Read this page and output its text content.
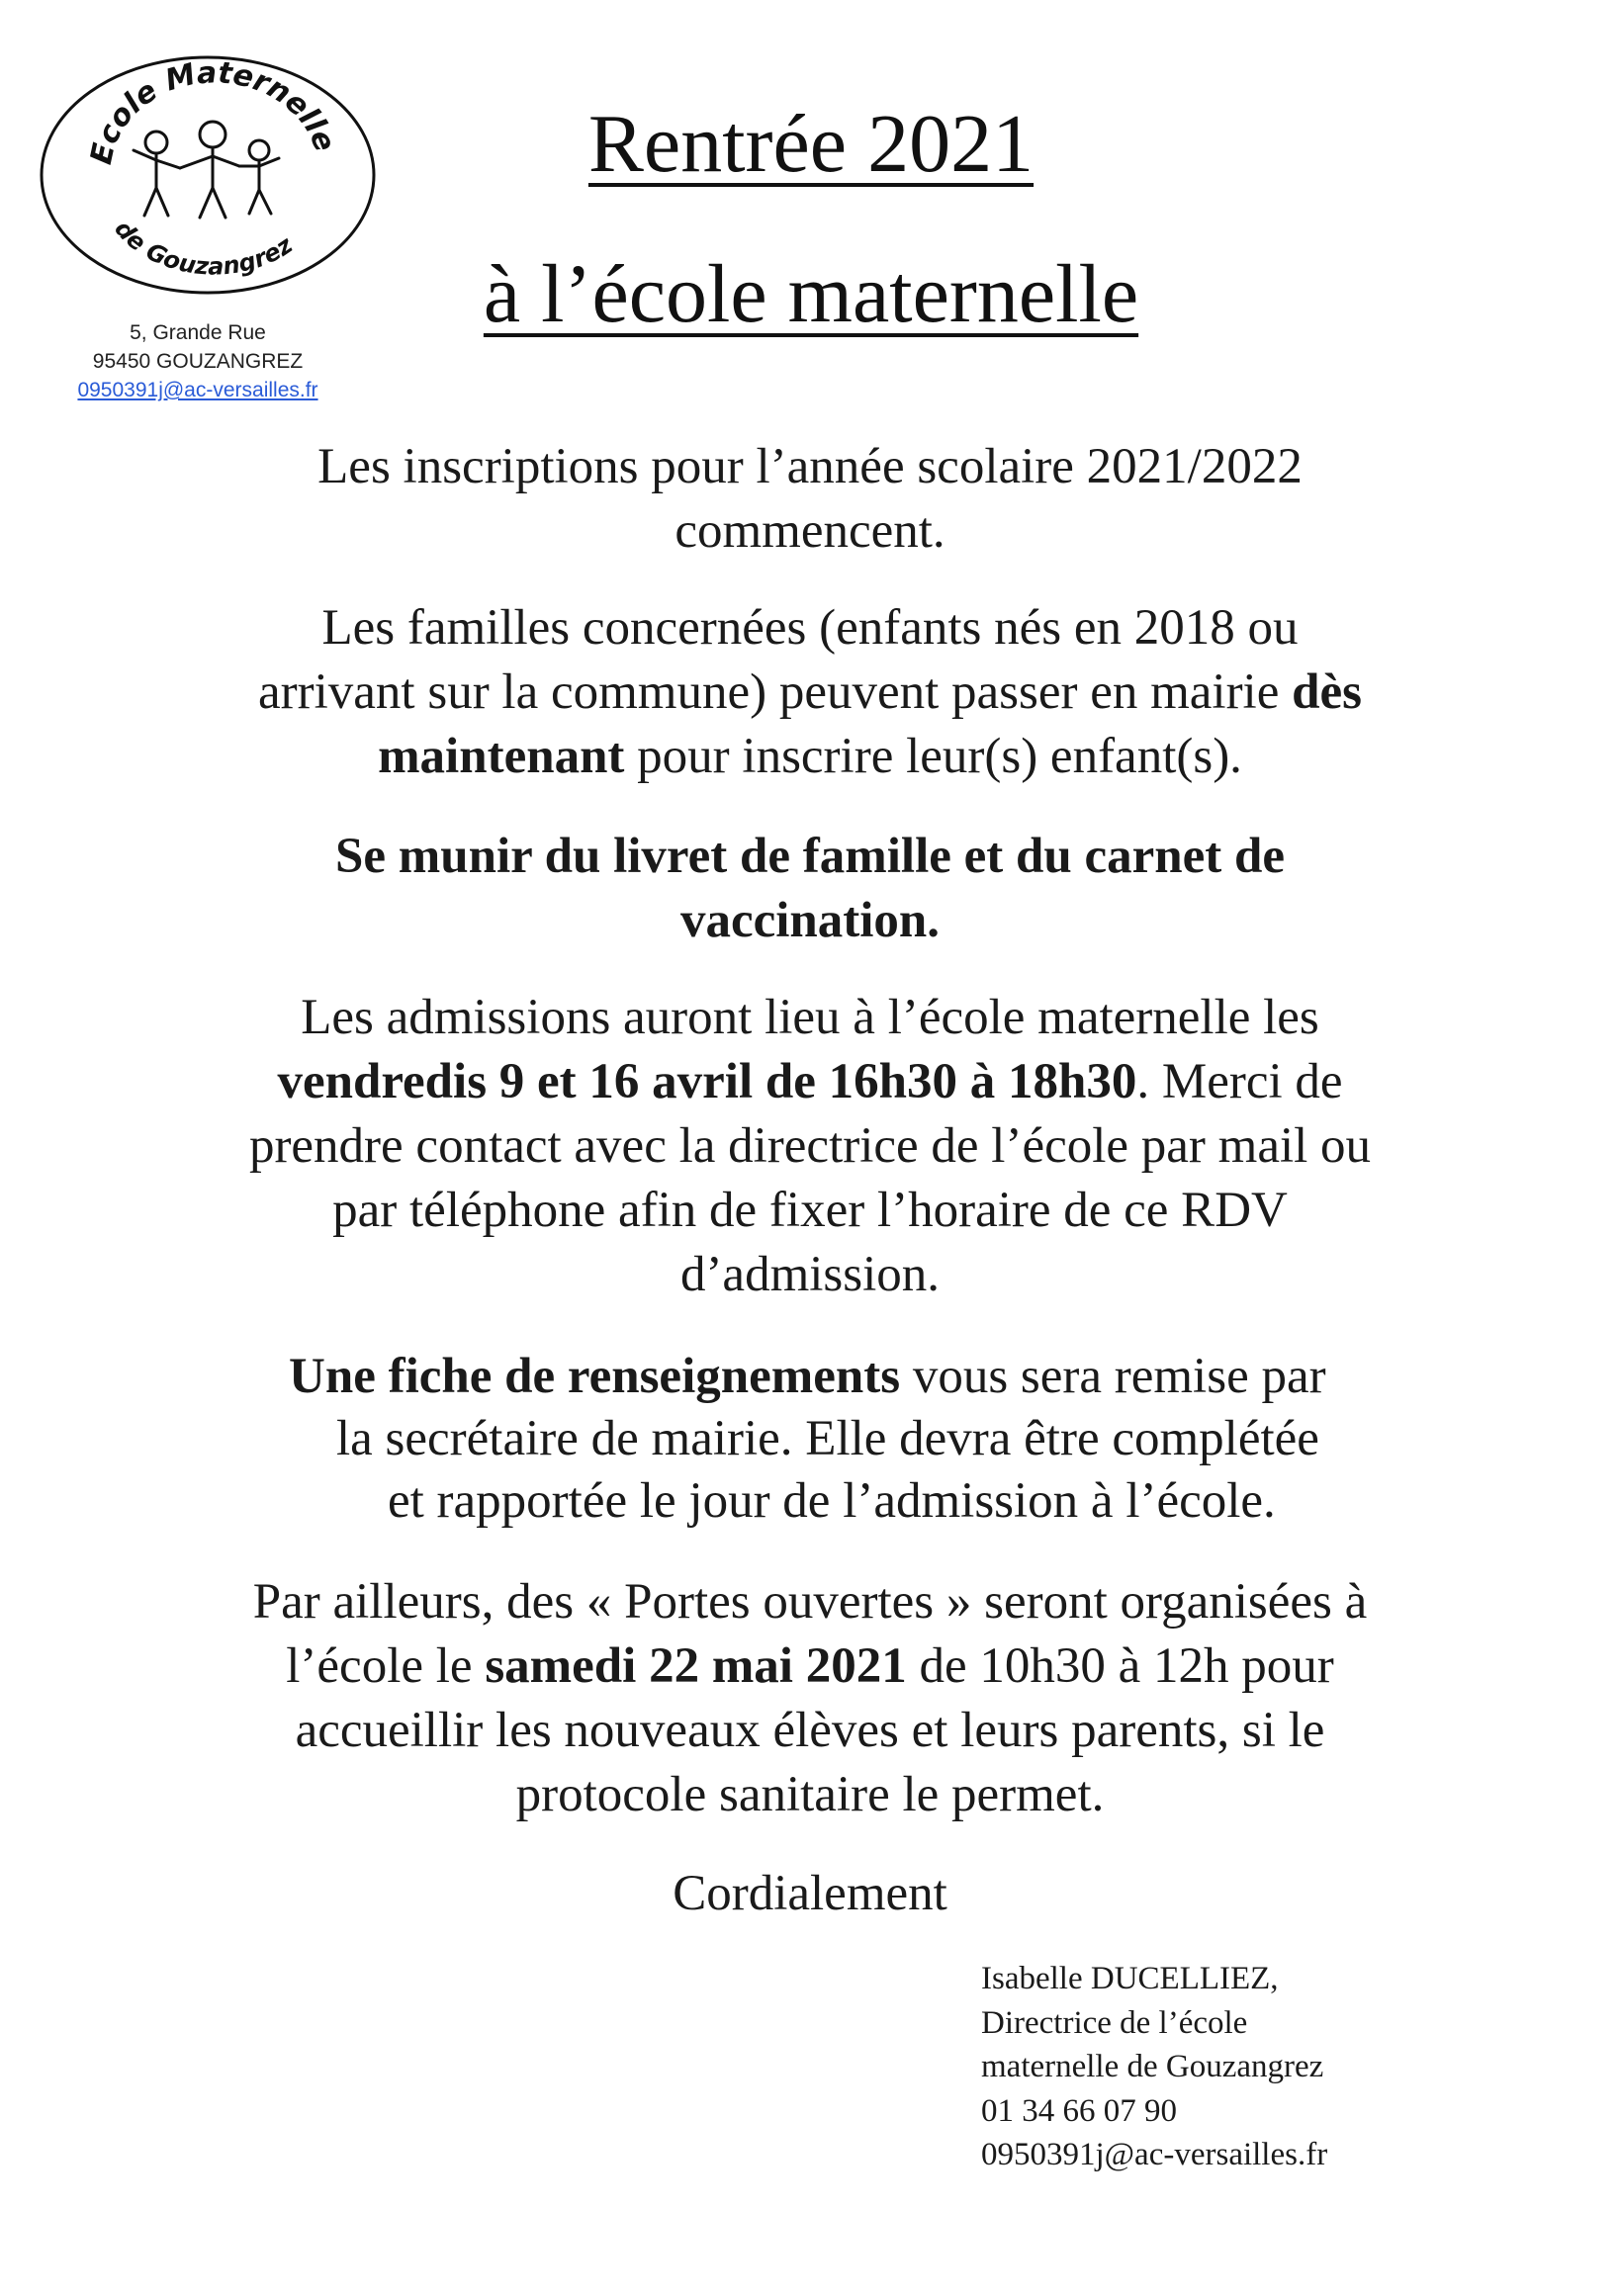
Ecole Maternelle
de Gouzangrez
5, Grande Rue
95450 GOUZANGREZ
0950391j@ac-versailles.fr
Rentrée 2021
à l’école maternelle
Les inscriptions pour l’année scolaire 2021/2022
commencent.
Les familles concernées (enfants nés en 2018 ou
arrivant sur la commune) peuvent passer en mairie dès
maintenant pour inscrire leur(s) enfant(s).
Se munir du livret de famille et du carnet de
vaccination.
Les admissions auront lieu à l’école maternelle les
vendredis 9 et 16 avril de 16h30 à 18h30. Merci de
prendre contact avec la directrice de l’école par mail ou
par téléphone afin de fixer l’horaire de ce RDV
d’admission.
Une fiche de renseignements vous sera remise par
la secrétaire de mairie. Elle devra être complétée
et rapportée le jour de l’admission à l’école.
Par ailleurs, des « Portes ouvertes » seront organisées à
l’école le samedi 22 mai 2021 de 10h30 à 12h pour
accueillir les nouveaux élèves et leurs parents, si le
protocole sanitaire le permet.
Cordialement
Isabelle DUCELLIEZ,
Directrice de l’école
maternelle de Gouzangrez
01 34 66 07 90
0950391j@ac-versailles.fr
